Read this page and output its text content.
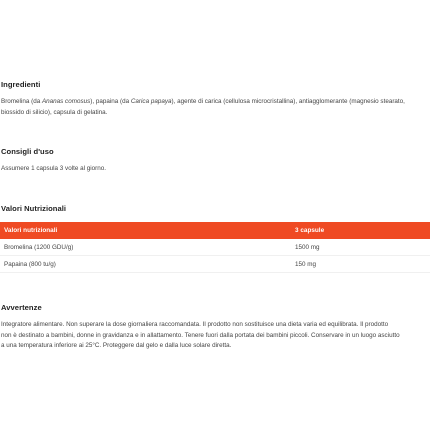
Ingredienti
Bromelina (da Ananas comosus), papaina (da Carica papaya), agente di carica (cellulosa microcristallina), antiagglomerante (magnesio stearato,
biossido di silicio), capsula di gelatina.
Consigli d'uso
Assumere 1 capsula 3 volte al giorno.
Valori Nutrizionali
Valori nutrizionali	3 capsule
Bromelina (1200 GDU/g)	1500 mg
Papaina (800 tu/g)	150 mg
Avvertenze
Integratore alimentare. Non superare la dose giornaliera raccomandata. Il prodotto non sostituisce una dieta varia ed equilibrata. Il prodotto
non è destinato a bambini, donne in gravidanza e in allattamento. Tenere fuori dalla portata dei bambini piccoli. Conservare in un luogo asciutto
a una temperatura inferiore ai 25°C. Proteggere dal gelo e dalla luce solare diretta.
